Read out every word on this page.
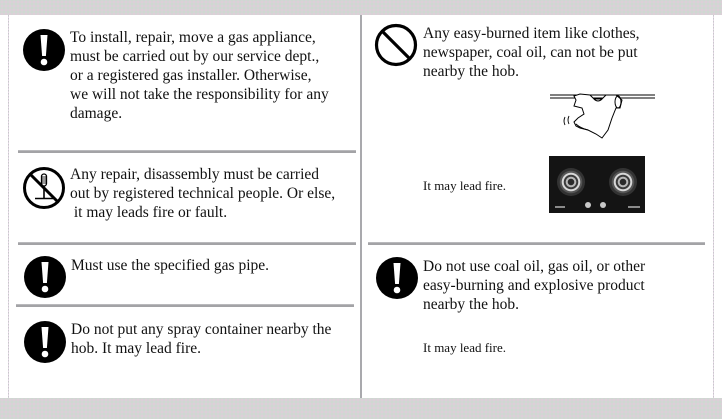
To install, repair, move a gas appliance,
must be carried out by our service dept.,
or a registered gas installer. Otherwise,
we will not take the responsibility for any
damage.
Any repair, disassembly must be carried
out by registered technical people. Or else,
it may leads fire or fault.
Must use the specified gas pipe.
Do not put any spray container nearby the
hob. It may lead fire.
Any easy-burned item like clothes,
newspaper, coal oil, can not be put
nearby the hob.
It may lead fire.
Do not use coal oil, gas oil, or other
easy-burning and explosive product
nearby the hob.
It may lead fire.
